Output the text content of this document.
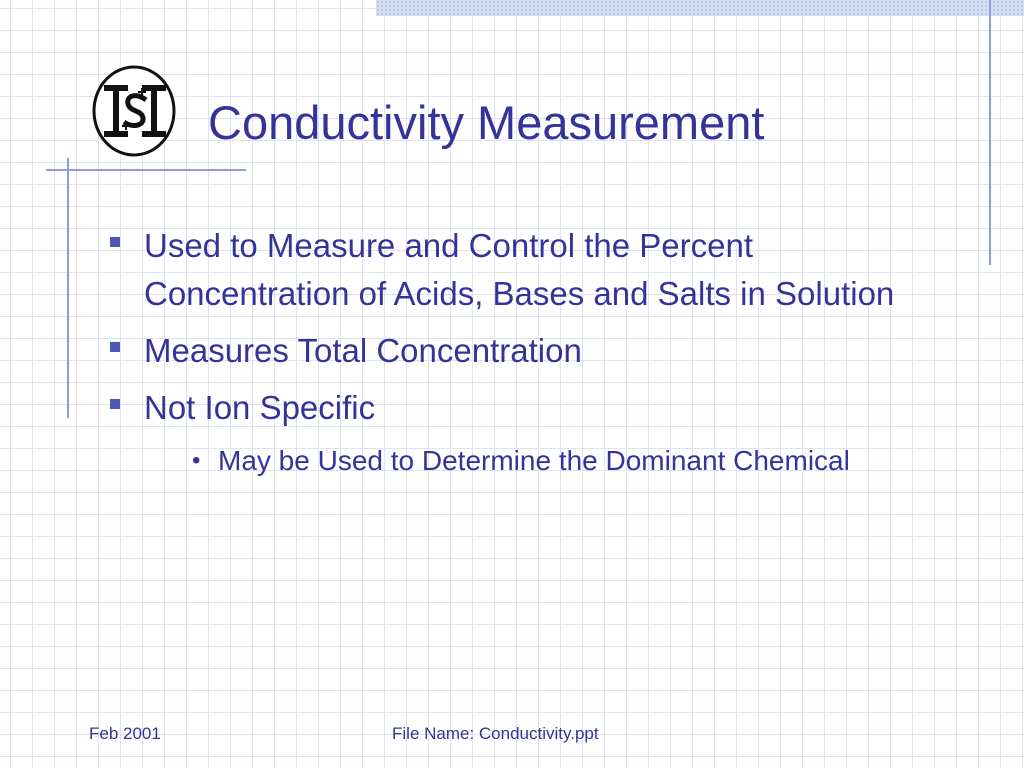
Conductivity Measurement
Used to Measure and Control the Percent Concentration of Acids, Bases and Salts in Solution
Measures Total Concentration
Not Ion Specific
• May be Used to Determine the Dominant Chemical
Feb 2001	File Name: Conductivity.ppt
